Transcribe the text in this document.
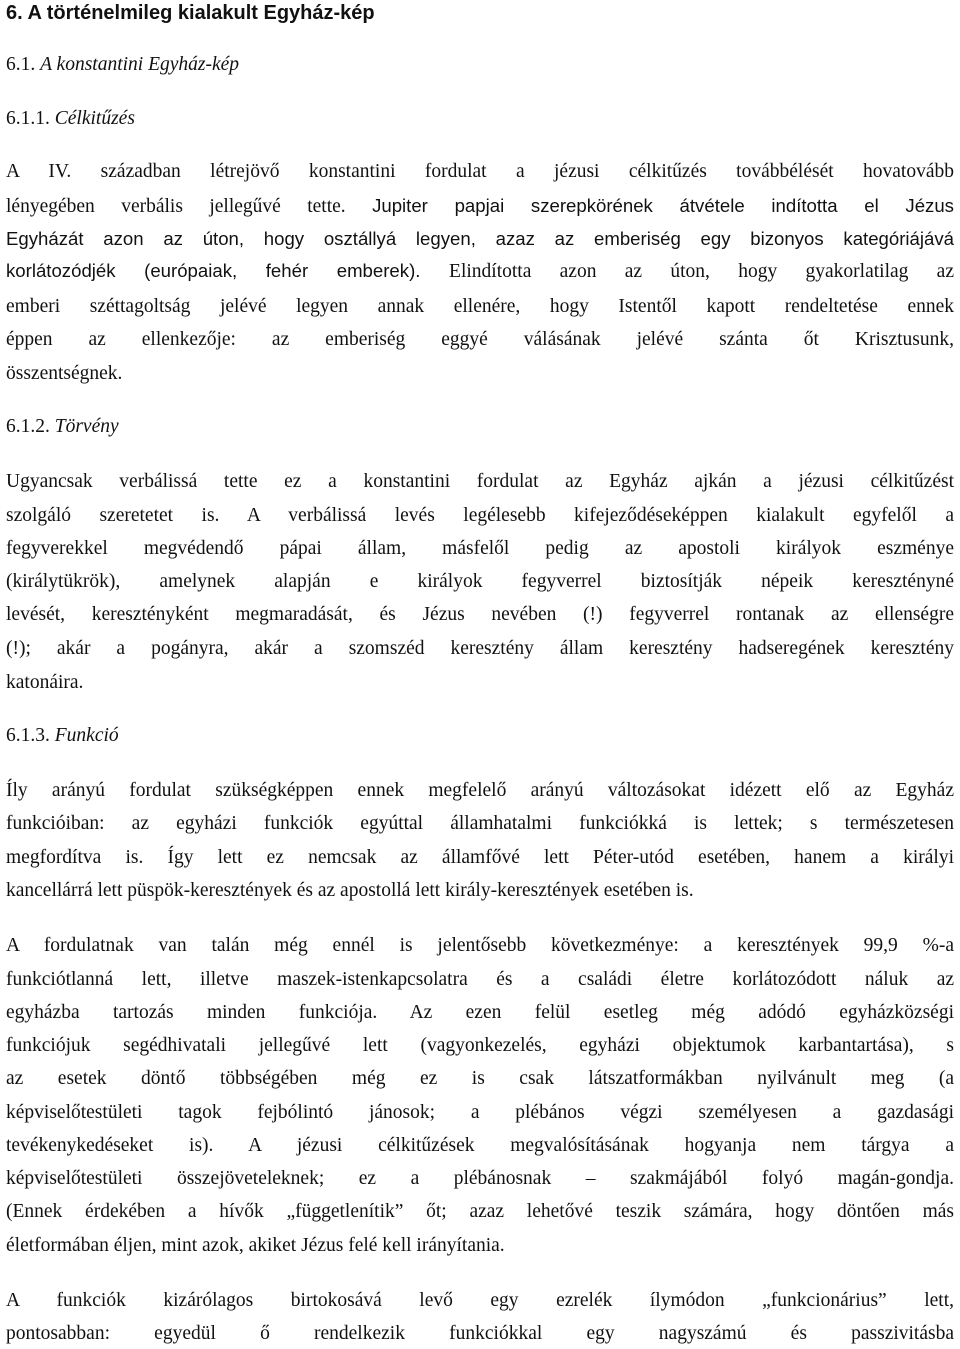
6. A történelmileg kialakult Egyház-kép
6.1. A konstantini Egyház-kép
6.1.1. Célkitűzés
A IV. században létrejövő konstantini fordulat a jézusi célkitűzés továbbélését hovatovább
lényegében verbális jellegűvé tette. Jupiter papjai szerepkörének átvétele indította el Jézus
Egyházát azon az úton, hogy osztállyá legyen, azaz az emberiség egy bizonyos kategóriájává
korlátozódjék (európaiak, fehér emberek). Elindította azon az úton, hogy gyakorlatilag az
emberi széttagoltság jelévé legyen annak ellenére, hogy Istentől kapott rendeltetése ennek
éppen az ellenkezője: az emberiség eggyé válásának jelévé szánta őt Krisztusunk,
összentségnek.
6.1.2. Törvény
Ugyancsak verbálissá tette ez a konstantini fordulat az Egyház ajkán a jézusi célkitűzést
szolgáló szeretetet is. A verbálissá levés legélesebb kifejeződéseképpen kialakult egyfelől a
fegyverekkel megvédendő pápai állam, másfelől pedig az apostoli királyok eszménye
(királytükrök), amelynek alapján e királyok fegyverrel biztosítják népeik keresztényné
levését, keresztényként megmaradását, és Jézus nevében (!) fegyverrel rontanak az ellenségre
(!); akár a pogányra, akár a szomszéd keresztény állam keresztény hadseregének keresztény
katonáira.
6.1.3. Funkció
Íly arányú fordulat szükségképpen ennek megfelelő arányú változásokat idézett elő az Egyház
funkcióiban: az egyházi funkciók egyúttal államhatalmi funkciókká is lettek; s természetesen
megfordítva is. Így lett ez nemcsak az államfővé lett Péter-utód esetében, hanem a királyi
kancellárrá lett püspök-keresztények és az apostollá lett király-keresztények esetében is.
A fordulatnak van talán még ennél is jelentősebb következménye: a keresztények 99,9 %-a
funkciótlanná lett, illetve maszek-istenkapcsolatra és a családi életre korlátozódott náluk az
egyházba tartozás minden funkciója. Az ezen felül esetleg még adódó egyházközségi
funkciójuk segédhivatali jellegűvé lett (vagyonkezelés, egyházi objektumok karbantartása), s
az esetek döntő többségében még ez is csak látszatformákban nyilvánult meg (a
képviselőtestületi tagok fejbólintó jánosok; a plébános végzi személyesen a gazdasági
tevékenykedéseket is). A jézusi célkitűzések megvalósításának hogyanja nem tárgya a
képviselőtestületi összejöveteleknek; ez a plébánosnak – szakmájából folyó magán-gondja.
(Ennek érdekében a hívők „függetlenítik” őt; azaz lehetővé teszik számára, hogy döntően más
életformában éljen, mint azok, akiket Jézus felé kell irányítania.
A funkciók kizárólagos birtokosává levő egy ezrelék ílymódon „funkcionárius” lett,
pontosabban: egyedül ő rendelkezik funkciókkal egy nagyszámú és passzivitásba
